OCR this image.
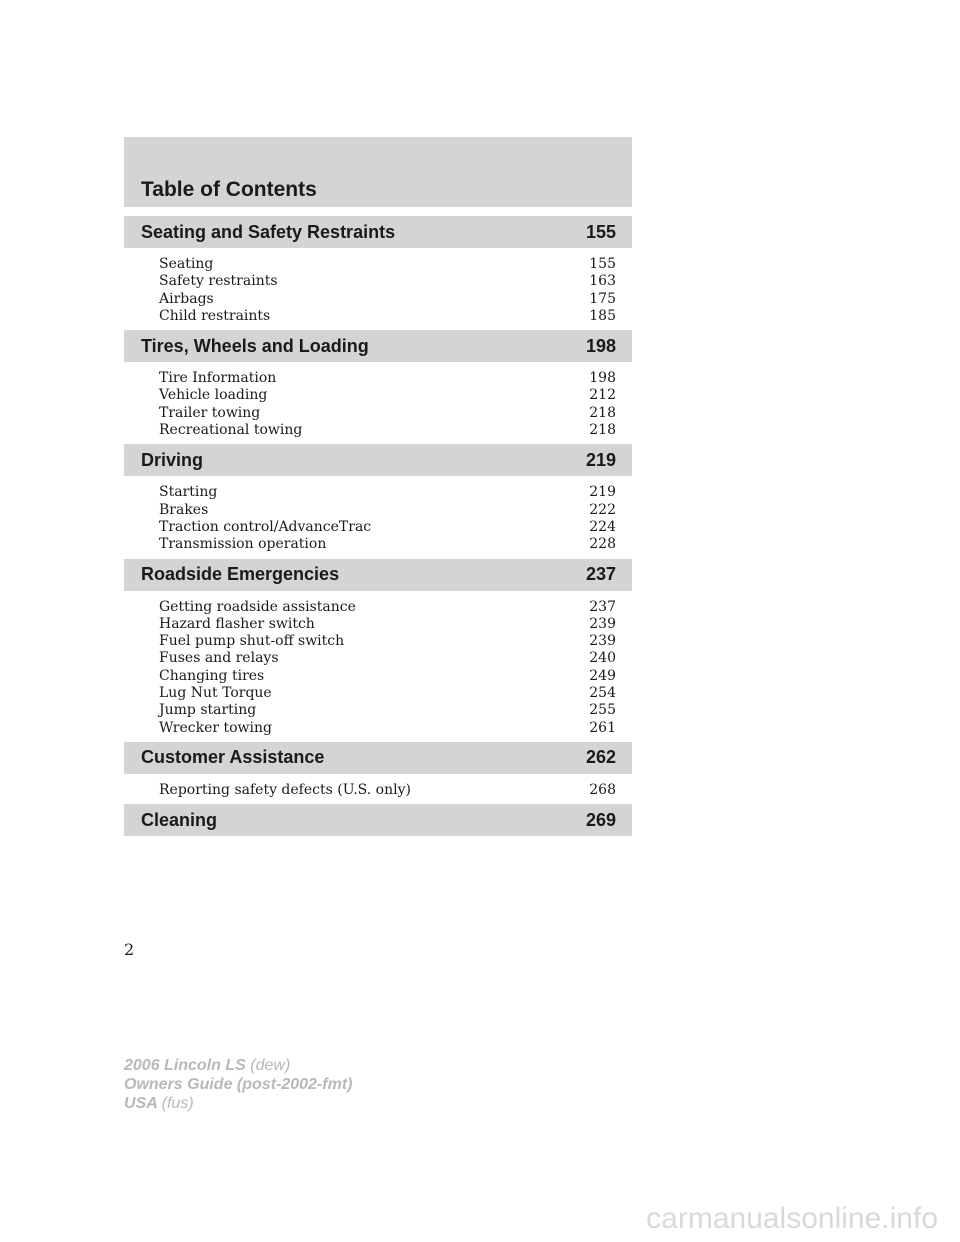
Table of Contents
Seating and Safety Restraints	155
Seating	155
Safety restraints	163
Airbags	175
Child restraints	185
Tires, Wheels and Loading	198
Tire Information	198
Vehicle loading	212
Trailer towing	218
Recreational towing	218
Driving	219
Starting	219
Brakes	222
Traction control/AdvanceTrac	224
Transmission operation	228
Roadside Emergencies	237
Getting roadside assistance	237
Hazard flasher switch	239
Fuel pump shut-off switch	239
Fuses and relays	240
Changing tires	249
Lug Nut Torque	254
Jump starting	255
Wrecker towing	261
Customer Assistance	262
Reporting safety defects (U.S. only)	268
Cleaning	269
2
2006 Lincoln LS (dew)
Owners Guide (post-2002-fmt)
USA (fus)
carmanualsonline.info
